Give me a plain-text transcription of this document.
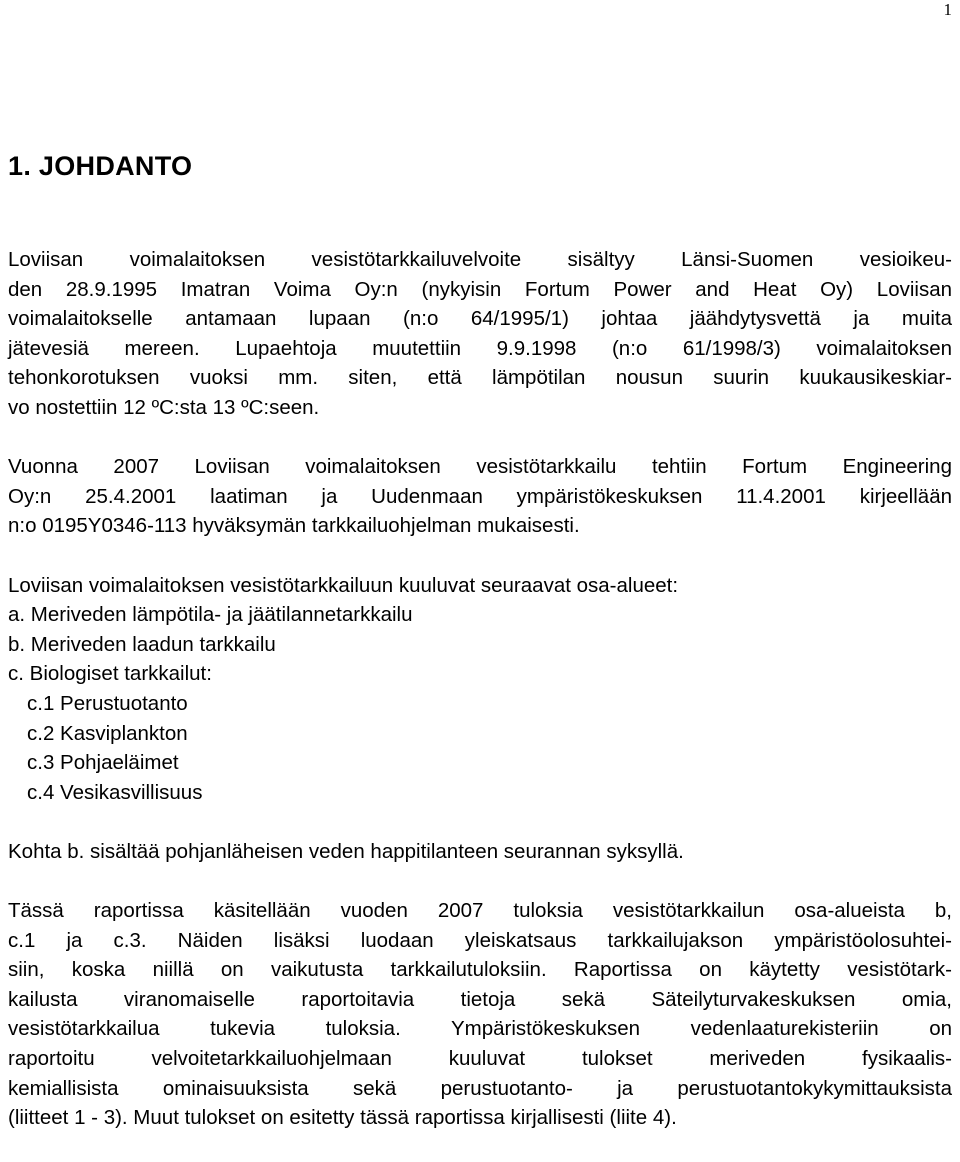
1
1. JOHDANTO

Loviisan voimalaitoksen vesistötarkkailuvelvoite sisältyy Länsi-Suomen vesioikeu-
den 28.9.1995 Imatran Voima Oy:n (nykyisin Fortum Power and Heat Oy) Loviisan
voimalaitokselle antamaan lupaan (n:o 64/1995/1) johtaa jäähdytysvettä ja muita
jätevesiä mereen. Lupaehtoja muutettiin 9.9.1998 (n:o 61/1998/3) voimalaitoksen
tehonkorotuksen vuoksi mm. siten, että lämpötilan nousun suurin kuukausikeskiar-
vo nostettiin 12 ºC:sta 13 ºC:seen.

Vuonna 2007 Loviisan voimalaitoksen vesistötarkkailu tehtiin Fortum Engineering
Oy:n 25.4.2001 laatiman ja Uudenmaan ympäristökeskuksen 11.4.2001 kirjeellään
n:o 0195Y0346-113 hyväksymän tarkkailuohjelman mukaisesti.

Loviisan voimalaitoksen vesistötarkkailuun kuuluvat seuraavat osa-alueet:

a. Meriveden lämpötila- ja jäätilannetarkkailu
b. Meriveden laadun tarkkailu
c. Biologiset tarkkailut:
c.1 Perustuotanto
c.2 Kasviplankton
c.3 Pohjaeläimet
c.4 Vesikasvillisuus

Kohta b. sisältää pohjanläheisen veden happitilanteen seurannan syksyllä.

Tässä raportissa käsitellään vuoden 2007 tuloksia vesistötarkkailun osa-alueista b,
c.1 ja c.3. Näiden lisäksi luodaan yleiskatsaus tarkkailujakson ympäristöolosuhtei-
siin, koska niillä on vaikutusta tarkkailutuloksiin. Raportissa on käytetty vesistötark-
kailusta viranomaiselle raportoitavia tietoja sekä Säteilyturvakeskuksen omia,
vesistötarkkailua tukevia tuloksia. Ympäristökeskuksen vedenlaaturekisteriin on
raportoitu velvoitetarkkailuohjelmaan kuuluvat tulokset meriveden fysikaalis-
kemiallisista ominaisuuksista sekä perustuotanto- ja perustuotantokykymittauksista
(liitteet 1 - 3). Muut tulokset on esitetty tässä raportissa kirjallisesti (liite 4).
